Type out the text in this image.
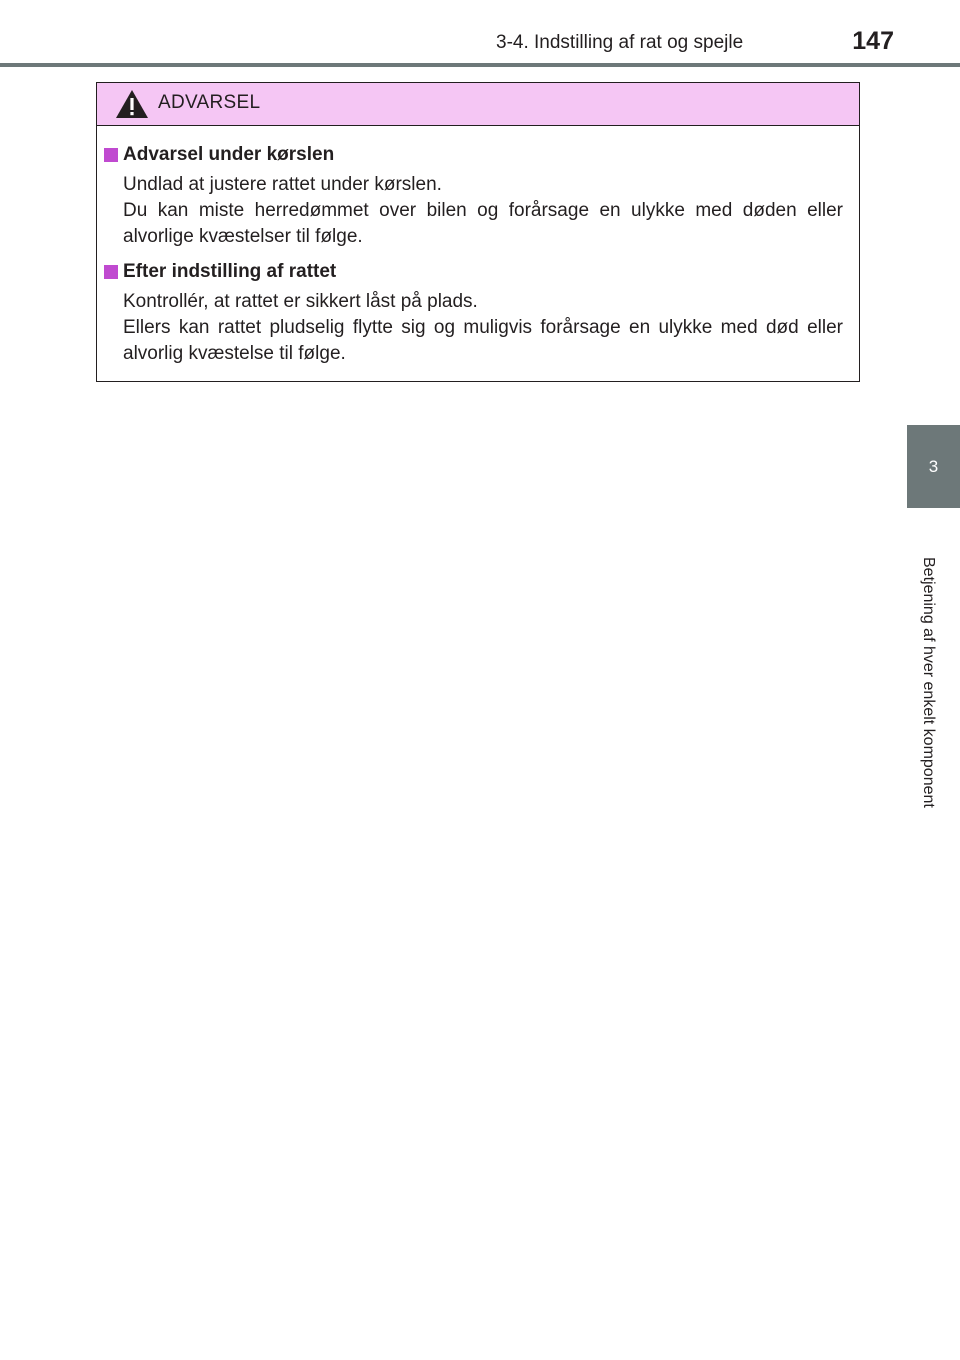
3-4. Indstilling af rat og spejle	147
3
Betjening af hver enkelt komponent
ADVARSEL
Advarsel under kørslen
Undlad at justere rattet under kørslen.
Du kan miste herredømmet over bilen og forårsage en ulykke med døden eller alvorlige kvæstelser til følge.
Efter indstilling af rattet
Kontrollér, at rattet er sikkert låst på plads.
Ellers kan rattet pludselig flytte sig og muligvis forårsage en ulykke med død eller alvorlig kvæstelse til følge.
